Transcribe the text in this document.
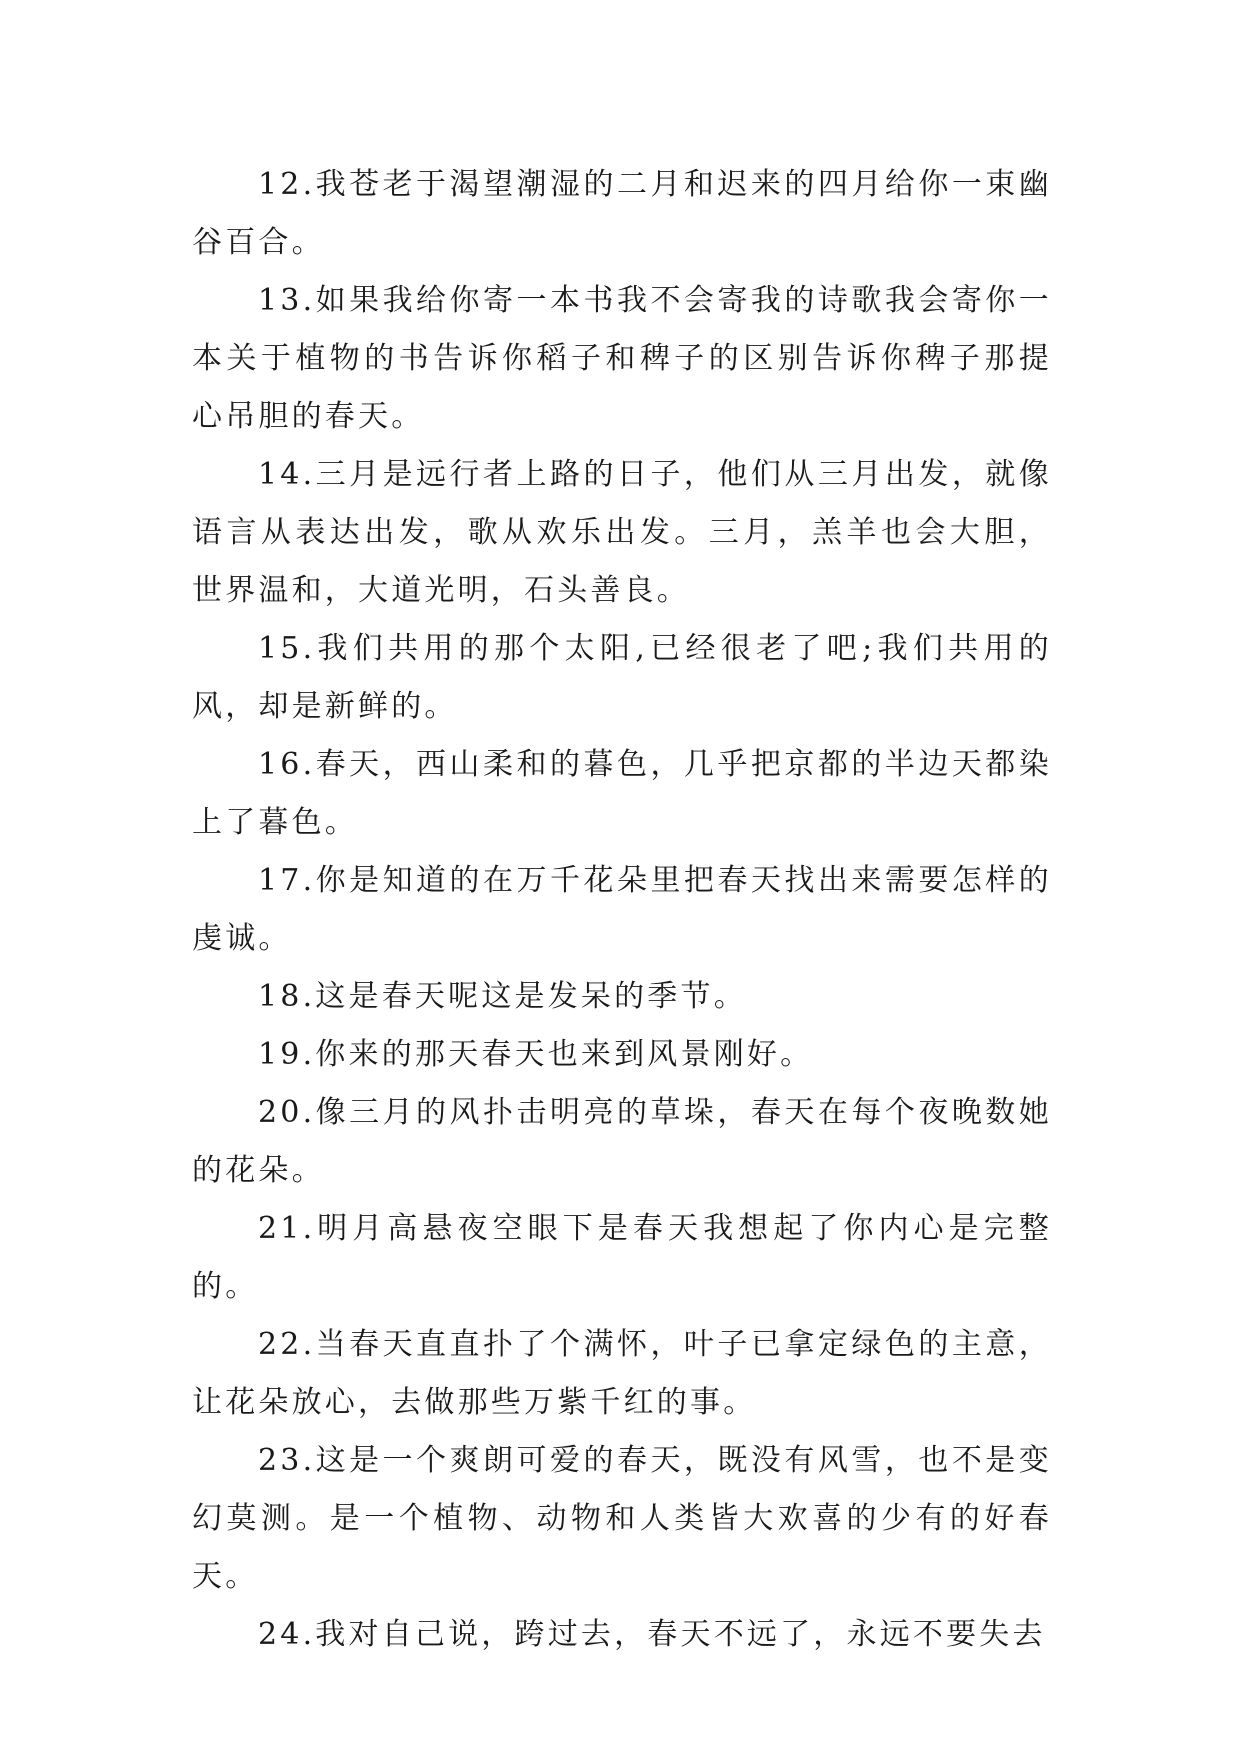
12.我苍老于渴望潮湿的二月和迟来的四月给你一束幽谷百合。

13.如果我给你寄一本书我不会寄我的诗歌我会寄你一本关于植物的书告诉你稻子和稗子的区别告诉你稗子那提心吊胆的春天。

14.三月是远行者上路的日子，他们从三月出发，就像语言从表达出发，歌从欢乐出发。三月，羔羊也会大胆，世界温和，大道光明，石头善良。

15.我们共用的那个太阳,已经很老了吧;我们共用的风，却是新鲜的。

16.春天，西山柔和的暮色，几乎把京都的半边天都染上了暮色。

17.你是知道的在万千花朵里把春天找出来需要怎样的虔诚。

18.这是春天呢这是发呆的季节。

19.你来的那天春天也来到风景刚好。

20.像三月的风扑击明亮的草垛，春天在每个夜晚数她的花朵。

21.明月高悬夜空眼下是春天我想起了你内心是完整的。

22.当春天直直扑了个满怀，叶子已拿定绿色的主意，让花朵放心，去做那些万紫千红的事。

23.这是一个爽朗可爱的春天，既没有风雪，也不是变幻莫测。是一个植物、动物和人类皆大欢喜的少有的好春天。

24.我对自己说，跨过去，春天不远了，永远不要失去
